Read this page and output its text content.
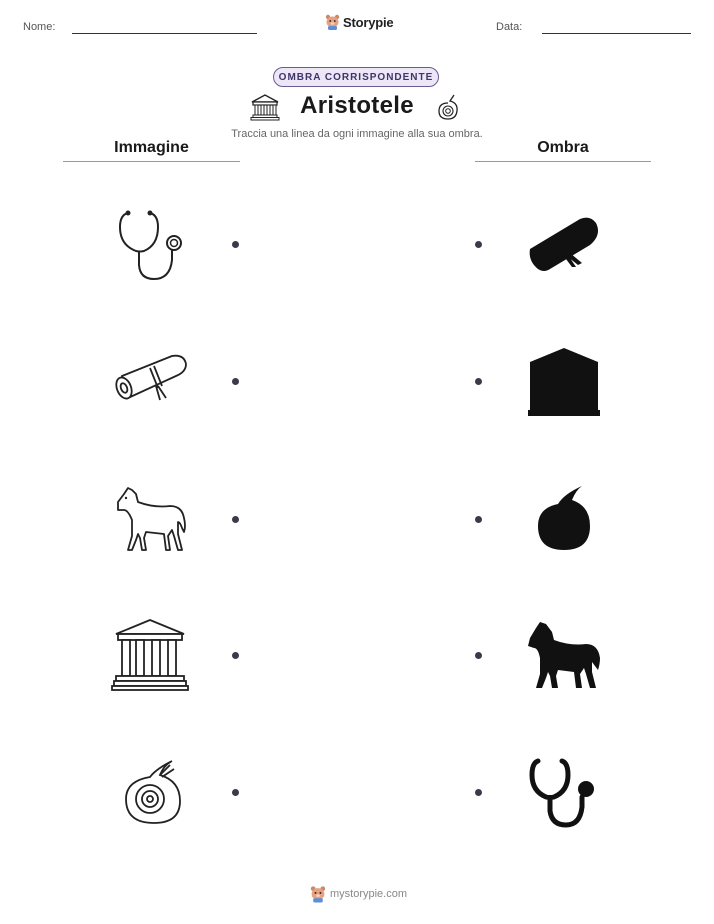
Nome:	Data:
Storypie
OMBRA CORRISPONDENTE
Aristotele
Traccia una linea da ogni immagine alla sua ombra.
Immagine	Ombra
mystorypie.com
